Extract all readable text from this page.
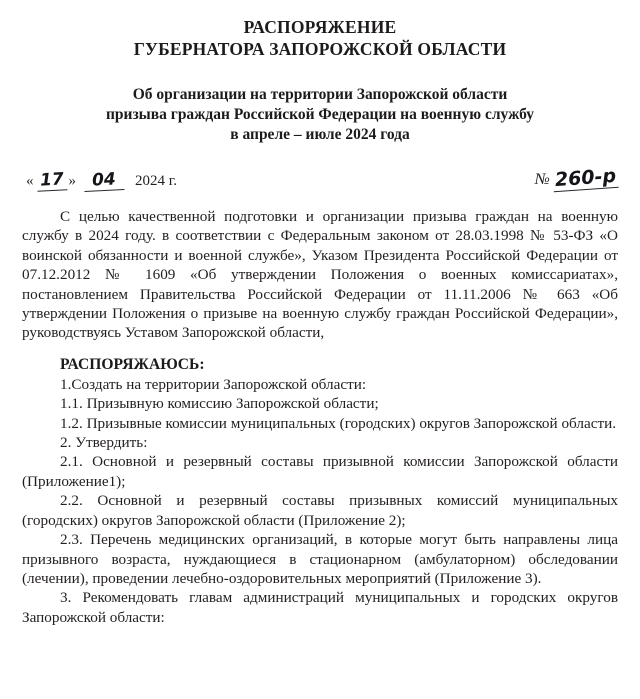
РАСПОРЯЖЕНИЕ
ГУБЕРНАТОРА ЗАПОРОЖСКОЙ ОБЛАСТИ
Об организации на территории Запорожской области
призыва граждан Российской Федерации на военную службу
в апреле – июле 2024 года
« 17 » 04	2024 г.	№ 260-р

С целью качественной подготовки и организации призыва граждан на военную службу в 2024 году. в соответствии с Федеральным законом от 28.03.1998 № 53-ФЗ «О воинской обязанности и военной службе», Указом Президента Российской Федерации от 07.12.2012 № 1609 «Об утверждении Положения о военных комиссариатах», постановлением Правительства Российской Федерации от 11.11.2006 № 663 «Об утверждении Положения о призыве на военную службу граждан Российской Федерации», руководствуясь Уставом Запорожской области,

РАСПОРЯЖАЮСЬ:

1.Создать на территории Запорожской области:

1.1. Призывную комиссию Запорожской области;

1.2. Призывные комиссии муниципальных (городских) округов Запорожской области.

2. Утвердить:

2.1. Основной и резервный составы призывной комиссии Запорожской области (Приложение1);

2.2. Основной и резервный составы призывных комиссий муниципальных (городских) округов Запорожской области (Приложение 2);

2.3. Перечень медицинских организаций, в которые могут быть направлены лица призывного возраста, нуждающиеся в стационарном (амбулаторном) обследовании (лечении), проведении лечебно-оздоровительных мероприятий (Приложение 3).

3. Рекомендовать главам администраций муниципальных и городских округов Запорожской области:
